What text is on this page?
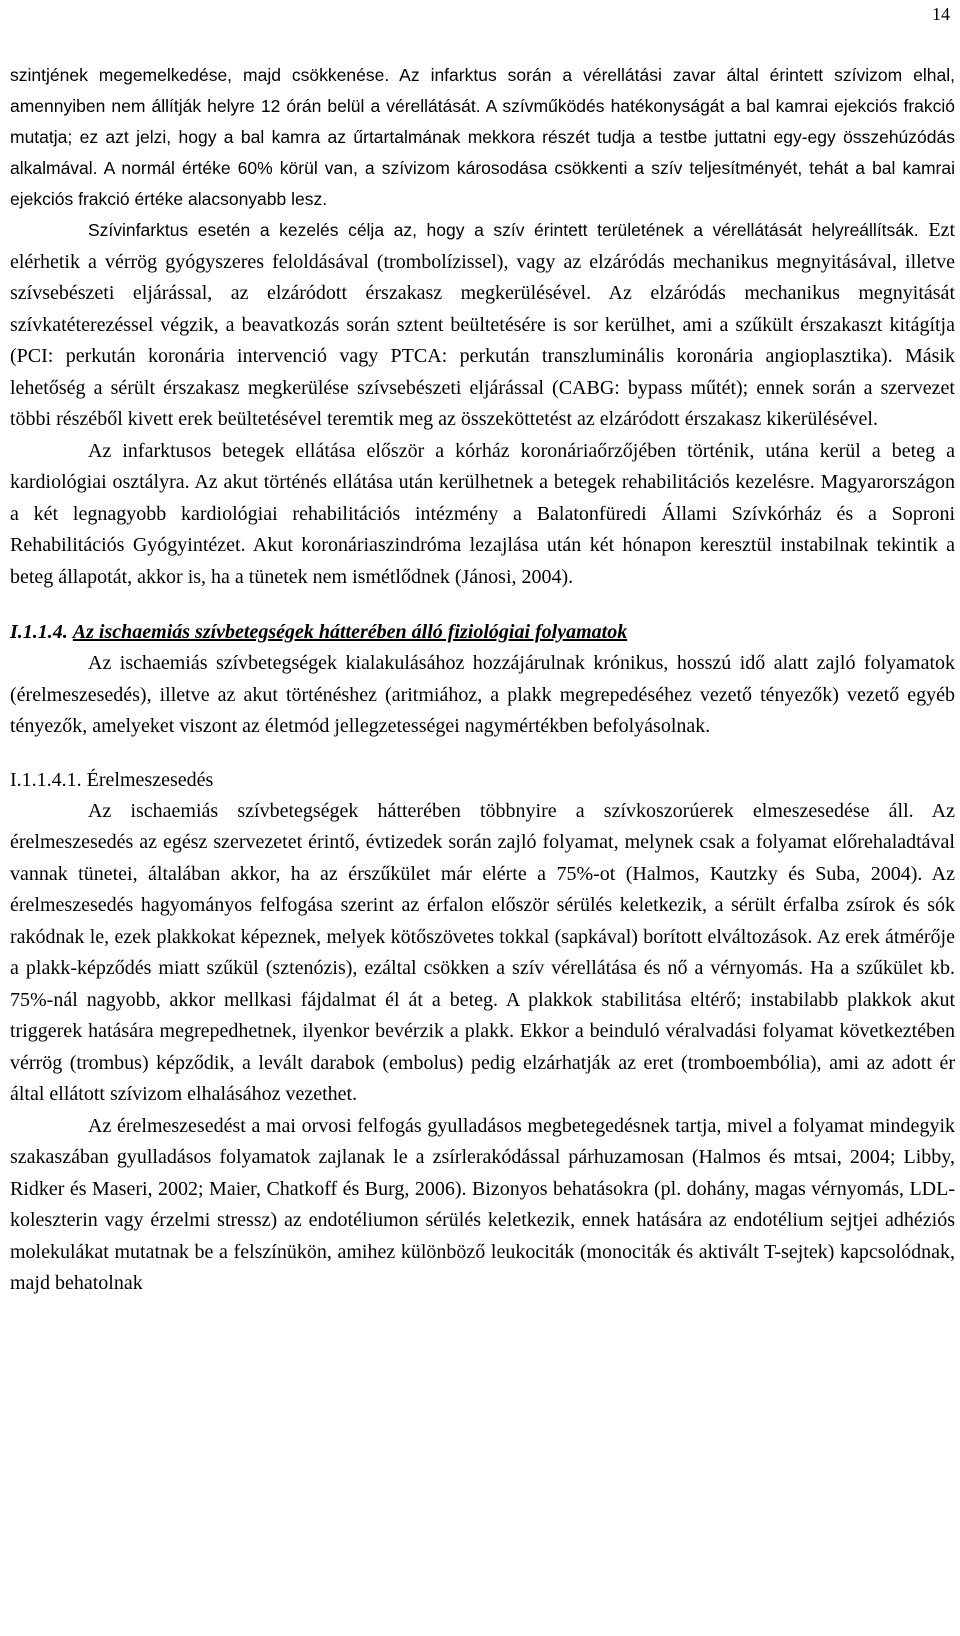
14

szintjének megemelkedése, majd csökkenése. Az infarktus során a vérellátási zavar által érintett szívizom elhal, amennyiben nem állítják helyre 12 órán belül a vérellátását. A szívműködés hatékonyságát a bal kamrai ejekciós frakció mutatja; ez azt jelzi, hogy a bal kamra az űrtartalmának mekkora részét tudja a testbe juttatni egy-egy összehúzódás alkalmával. A normál értéke 60% körül van, a szívizom károsodása csökkenti a szív teljesítményét, tehát a bal kamrai ejekciós frakció értéke alacsonyabb lesz.

Szívinfarktus esetén a kezelés célja az, hogy a szív érintett területének a vérellátását helyreállítsák. Ezt elérhetik a vérrög gyógyszeres feloldásával (trombolízissel), vagy az elzáródás mechanikus megnyitásával, illetve szívsebészeti eljárással, az elzáródott érszakasz megkerülésével. Az elzáródás mechanikus megnyitását szívkatéterezéssel végzik, a beavatkozás során sztent beültetésére is sor kerülhet, ami a szűkült érszakaszt kitágítja (PCI: perkután koronária intervenció vagy PTCA: perkután transzluminális koronária angioplasztika). Másik lehetőség a sérült érszakasz megkerülése szívsebészeti eljárással (CABG: bypass műtét); ennek során a szervezet többi részéből kivett erek beültetésével teremtik meg az összeköttetést az elzáródott érszakasz kikerülésével.

Az infarktusos betegek ellátása először a kórház koronáriaőrzőjében történik, utána kerül a beteg a kardiológiai osztályra. Az akut történés ellátása után kerülhetnek a betegek rehabilitációs kezelésre. Magyarországon a két legnagyobb kardiológiai rehabilitációs intézmény a Balatonfüredi Állami Szívkórház és a Soproni Rehabilitációs Gyógyintézet. Akut koronáriaszindróma lezajlása után két hónapon keresztül instabilnak tekintik a beteg állapotát, akkor is, ha a tünetek nem ismétlődnek (Jánosi, 2004).

I.1.1.4. Az ischaemiás szívbetegségek hátterében álló fiziológiai folyamatok

Az ischaemiás szívbetegségek kialakulásához hozzájárulnak krónikus, hosszú idő alatt zajló folyamatok (érelmeszesedés), illetve az akut történéshez (aritmiához, a plakk megrepedéséhez vezető tényezők) vezető egyéb tényezők, amelyeket viszont az életmód jellegzetességei nagymértékben befolyásolnak.

I.1.1.4.1. Érelmeszesedés

Az ischaemiás szívbetegségek hátterében többnyire a szívkoszorúerek elmeszesedése áll. Az érelmeszesedés az egész szervezetet érintő, évtizedek során zajló folyamat, melynek csak a folyamat előrehaladtával vannak tünetei, általában akkor, ha az érszűkület már elérte a 75%-ot (Halmos, Kautzky és Suba, 2004). Az érelmeszesedés hagyományos felfogása szerint az érfalon először sérülés keletkezik, a sérült érfalba zsírok és sók rakódnak le, ezek plakkokat képeznek, melyek kötőszövetes tokkal (sapkával) borított elváltozások. Az erek átmérője a plakk-képződés miatt szűkül (sztenózis), ezáltal csökken a szív vérellátása és nő a vérnyomás. Ha a szűkület kb. 75%-nál nagyobb, akkor mellkasi fájdalmat él át a beteg. A plakkok stabilitása eltérő; instabilabb plakkok akut triggerek hatására megrepedhetnek, ilyenkor bevérzik a plakk. Ekkor a beinduló véralvadási folyamat következtében vérrög (trombus) képződik, a levált darabok (embolus) pedig elzárhatják az eret (tromboembólia), ami az adott ér által ellátott szívizom elhalásához vezethet.

Az érelmeszesedést a mai orvosi felfogás gyulladásos megbetegedésnek tartja, mivel a folyamat mindegyik szakaszában gyulladásos folyamatok zajlanak le a zsírlerakódással párhuzamosan (Halmos és mtsai, 2004; Libby, Ridker és Maseri, 2002; Maier, Chatkoff és Burg, 2006). Bizonyos behatásokra (pl. dohány, magas vérnyomás, LDL-koleszterin vagy érzelmi stressz) az endotéliumon sérülés keletkezik, ennek hatására az endotélium sejtjei adhéziós molekulákat mutatnak be a felszínükön, amihez különböző leukociták (monociták és aktivált T-sejtek) kapcsolódnak, majd behatolnak
